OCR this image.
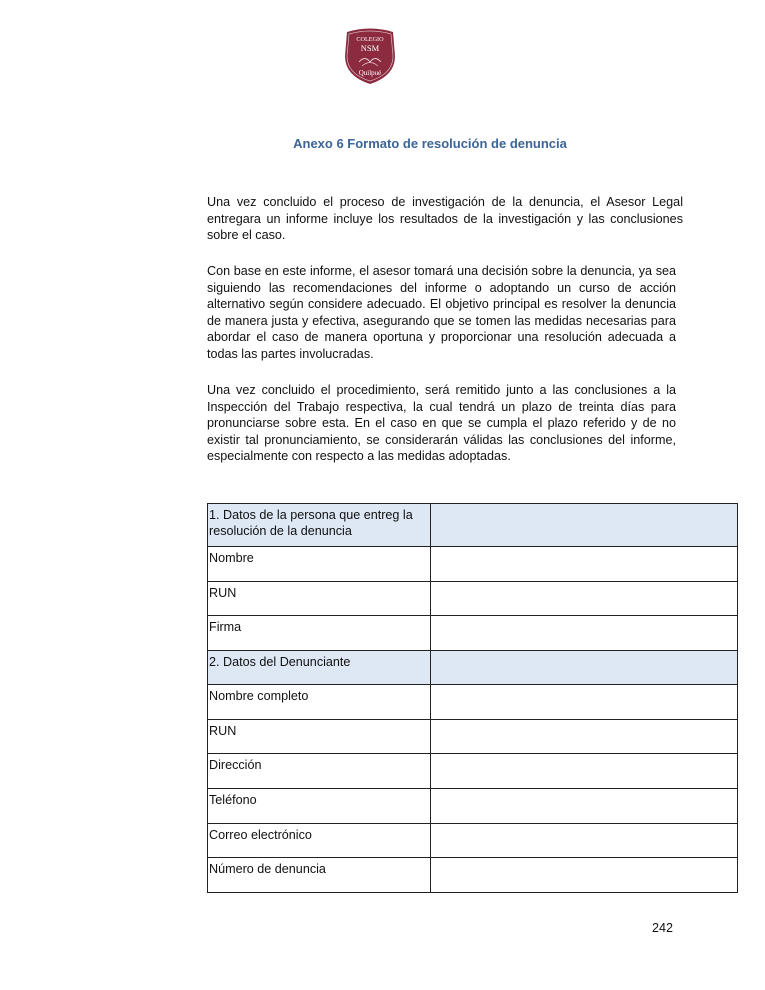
COLEGIO
NSM
Quilpué
Anexo 6 Formato de resolución de denuncia

Una vez concluido el proceso de investigación de la denuncia, el Asesor Legal entregara un informe incluye los resultados de la investigación y las conclusiones sobre el caso.

Con base en este informe, el asesor tomará una decisión sobre la denuncia, ya sea siguiendo las recomendaciones del informe o adoptando un curso de acción alternativo según considere adecuado. El objetivo principal es resolver la denuncia de manera justa y efectiva, asegurando que se tomen las medidas necesarias para abordar el caso de manera oportuna y proporcionar una resolución adecuada a todas las partes involucradas.

Una vez concluido el procedimiento, será remitido junto a las conclusiones a la Inspección del Trabajo respectiva, la cual tendrá un plazo de treinta días para pronunciarse sobre esta. En el caso en que se cumpla el plazo referido y de no existir tal pronunciamiento, se considerarán válidas las conclusiones del informe, especialmente con respecto a las medidas adoptadas.

1. Datos de la persona que entreg la resolución de la denuncia	
Nombre	
RUN	
Firma	
2. Datos del Denunciante	
Nombre completo	
RUN	
Dirección	
Teléfono	
Correo electrónico	
Número de denuncia	
242
